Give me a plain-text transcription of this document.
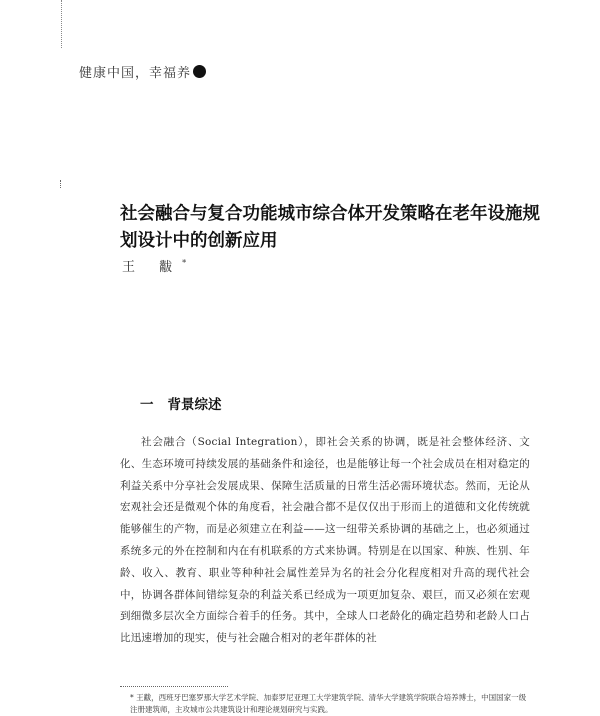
健康中国，幸福养
社会融合与复合功能城市综合体开发策略在老年设施规划设计中的创新应用
王 黻*
一 背景综述

社会融合（Social Integration），即社会关系的协调，既是社会整体经济、文化、生态环境可持续发展的基础条件和途径，也是能够让每一个社会成员在相对稳定的利益关系中分享社会发展成果、保障生活质量的日常生活必需环境状态。然而，无论从宏观社会还是微观个体的角度看，社会融合都不是仅仅出于形而上的道德和文化传统就能够催生的产物，而是必须建立在利益——这一纽带关系协调的基础之上，也必须通过系统多元的外在控制和内在有机联系的方式来协调。特别是在以国家、种族、性别、年龄、收入、教育、职业等种种社会属性差异为名的社会分化程度相对升高的现代社会中，协调各群体间错综复杂的利益关系已经成为一项更加复杂、艰巨，而又必须在宏观到细微多层次全方面综合着手的任务。其中，全球人口老龄化的确定趋势和老龄人口占比迅速增加的现实，使与社会融合相对的老年群体的社

* 王黻，西班牙巴塞罗那大学艺术学院、加泰罗尼亚理工大学建筑学院、清华大学建筑学院联合培养博士，中国国家一级注册建筑师，主攻城市公共建筑设计和理论规划研究与实践。
